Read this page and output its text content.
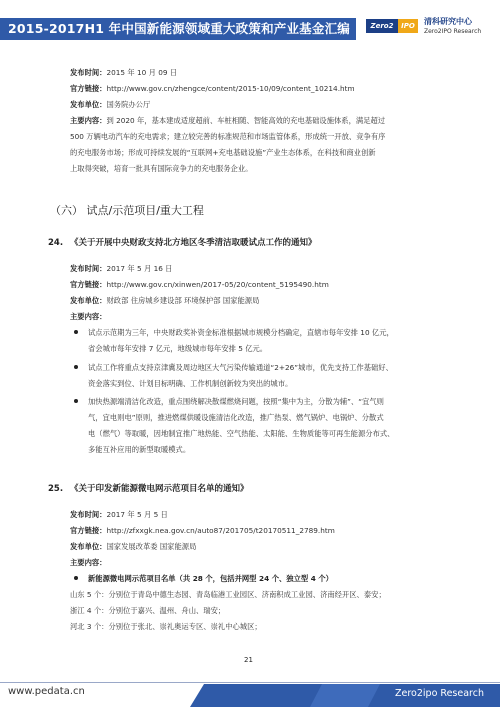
2015-2017H1 年中国新能源领域重大政策和产业基金汇编	Zero2	IPO	清科研究中心
Zero2IPO Research
发布时间：2015 年 10 月 09 日
官方链接：http://www.gov.cn/zhengce/content/2015-10/09/content_10214.htm
发布单位：国务院办公厅
主要内容：到 2020 年，基本建成适度超前、车桩相随、智能高效的充电基础设施体系，满足超过
500 万辆电动汽车的充电需求；建立较完善的标准规范和市场监管体系，形成统一开放、竞争有序
的充电服务市场；形成可持续发展的“互联网+充电基础设施”产业生态体系，在科技和商业创新
上取得突破，培育一批具有国际竞争力的充电服务企业。
（六） 试点/示范项目/重大工程
24. 《关于开展中央财政支持北方地区冬季清洁取暖试点工作的通知》
发布时间：2017 年 5 月 16 日
官方链接：http://www.gov.cn/xinwen/2017-05/20/content_5195490.htm
发布单位：财政部 住房城乡建设部 环境保护部 国家能源局
主要内容：
试点示范期为三年，中央财政奖补资金标准根据城市规模分档确定，直辖市每年安排 10 亿元，
省会城市每年安排 7 亿元，地级城市每年安排 5 亿元。
试点工作将重点支持京津冀及周边地区大气污染传输通道“2+26”城市，优先支持工作基础好、
资金落实到位、计划目标明确、工作机制创新较为突出的城市。
加快热源端清洁化改造，重点围绕解决散煤燃烧问题，按照“集中为主，分散为辅”、“宜气则
气，宜电则电”原则，推进燃煤供暖设施清洁化改造，推广热泵、燃气锅炉、电锅炉、分散式
电（燃气）等取暖，因地制宜推广地热能、空气热能、太阳能、生物质能等可再生能源分布式、
多能互补应用的新型取暖模式。
25. 《关于印发新能源微电网示范项目名单的通知》
发布时间：2017 年 5 月 5 日
官方链接：http://zfxxgk.nea.gov.cn/auto87/201705/t20170511_2789.htm
发布单位：国家发展改革委 国家能源局
主要内容：
新能源微电网示范项目名单（共 28 个，包括并网型 24 个、独立型 4 个）
山东 5 个：分别位于青岛中德生态园、青岛临港工业园区、济南积成工业园、济南经开区、泰安；
浙江 4 个：分别位于嘉兴、温州、舟山、瑞安；
河北 3 个：分别位于张北、崇礼奥运专区、崇礼中心城区；
21
www.pedata.cn	Zero2ipo Research
